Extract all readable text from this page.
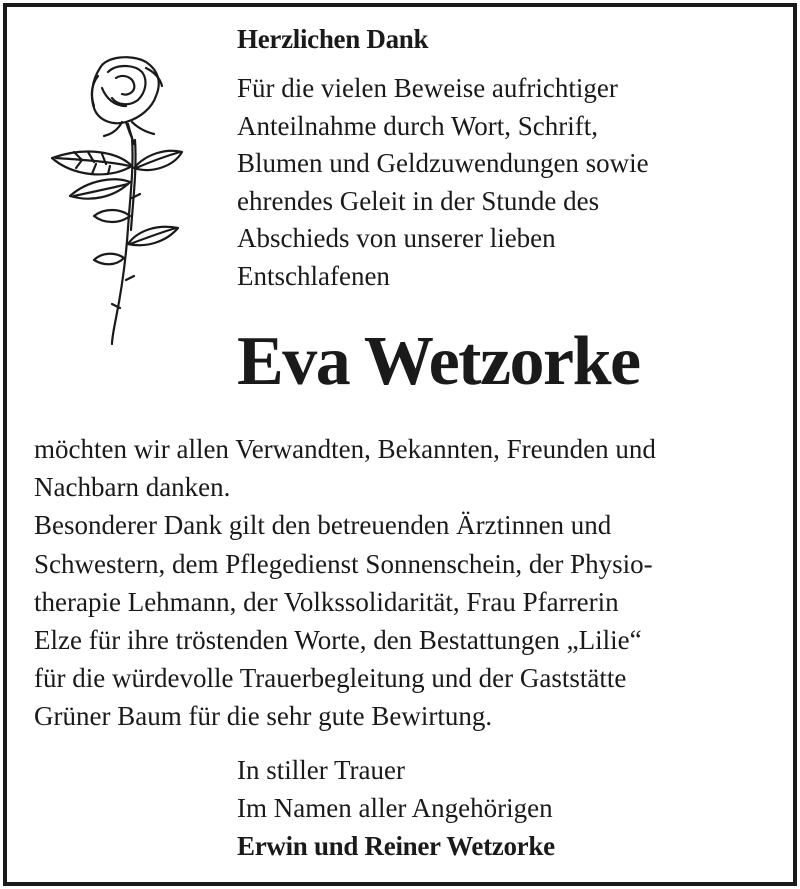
Herzlichen Dank
Für die vielen Beweise aufrichtiger
Anteilnahme durch Wort, Schrift,
Blumen und Geldzuwendungen sowie
ehrendes Geleit in der Stunde des
Abschieds von unserer lieben
Entschlafenen
Eva Wetzorke
möchten wir allen Verwandten, Bekannten, Freunden und
Nachbarn danken.
Besonderer Dank gilt den betreuenden Ärztinnen und
Schwestern, dem Pflegedienst Sonnenschein, der Physio-
therapie Lehmann, der Volkssolidarität, Frau Pfarrerin
Elze für ihre tröstenden Worte, den Bestattungen „Lilie“
für die würdevolle Trauerbegleitung und der Gaststätte
Grüner Baum für die sehr gute Bewirtung.
In stiller Trauer
Im Namen aller Angehörigen
Erwin und Reiner Wetzorke
